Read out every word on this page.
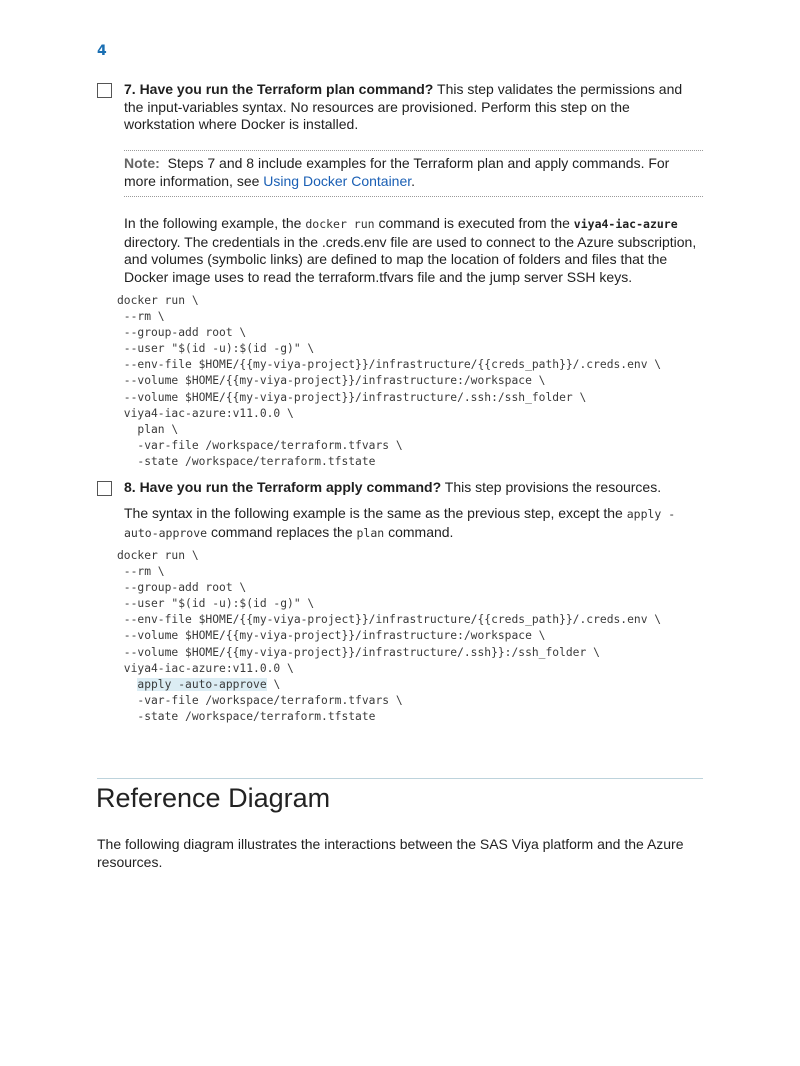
4
7. Have you run the Terraform plan command? This step validates the permissions and the input-variables syntax. No resources are provisioned. Perform this step on the workstation where Docker is installed.
Note: Steps 7 and 8 include examples for the Terraform plan and apply commands. For more information, see Using Docker Container.
In the following example, the docker run command is executed from the viya4-iac-azure directory. The credentials in the .creds.env file are used to connect to the Azure subscription, and volumes (symbolic links) are defined to map the location of folders and files that the Docker image uses to read the terraform.tfvars file and the jump server SSH keys.
docker run \
--rm \
--group-add root \
--user "$(id -u):$(id -g)" \
--env-file $HOME/{{my-viya-project}}/infrastructure/{{creds_path}}/.creds.env \
--volume $HOME/{{my-viya-project}}/infrastructure:/workspace \
--volume $HOME/{{my-viya-project}}/infrastructure/.ssh:/ssh_folder \
viya4-iac-azure:v11.0.0 \
plan \
-var-file /workspace/terraform.tfvars \
-state /workspace/terraform.tfstate
8. Have you run the Terraform apply command? This step provisions the resources.
The syntax in the following example is the same as the previous step, except the apply -auto-approve command replaces the plan command.
docker run \
--rm \
--group-add root \
--user "$(id -u):$(id -g)" \
--env-file $HOME/{{my-viya-project}}/infrastructure/{{creds_path}}/.creds.env \
--volume $HOME/{{my-viya-project}}/infrastructure:/workspace \
--volume $HOME/{{my-viya-project}}/infrastructure/.ssh}}:/ssh_folder \
viya4-iac-azure:v11.0.0 \
apply -auto-approve \
-var-file /workspace/terraform.tfvars \
-state /workspace/terraform.tfstate
Reference Diagram
The following diagram illustrates the interactions between the SAS Viya platform and the Azure resources.
